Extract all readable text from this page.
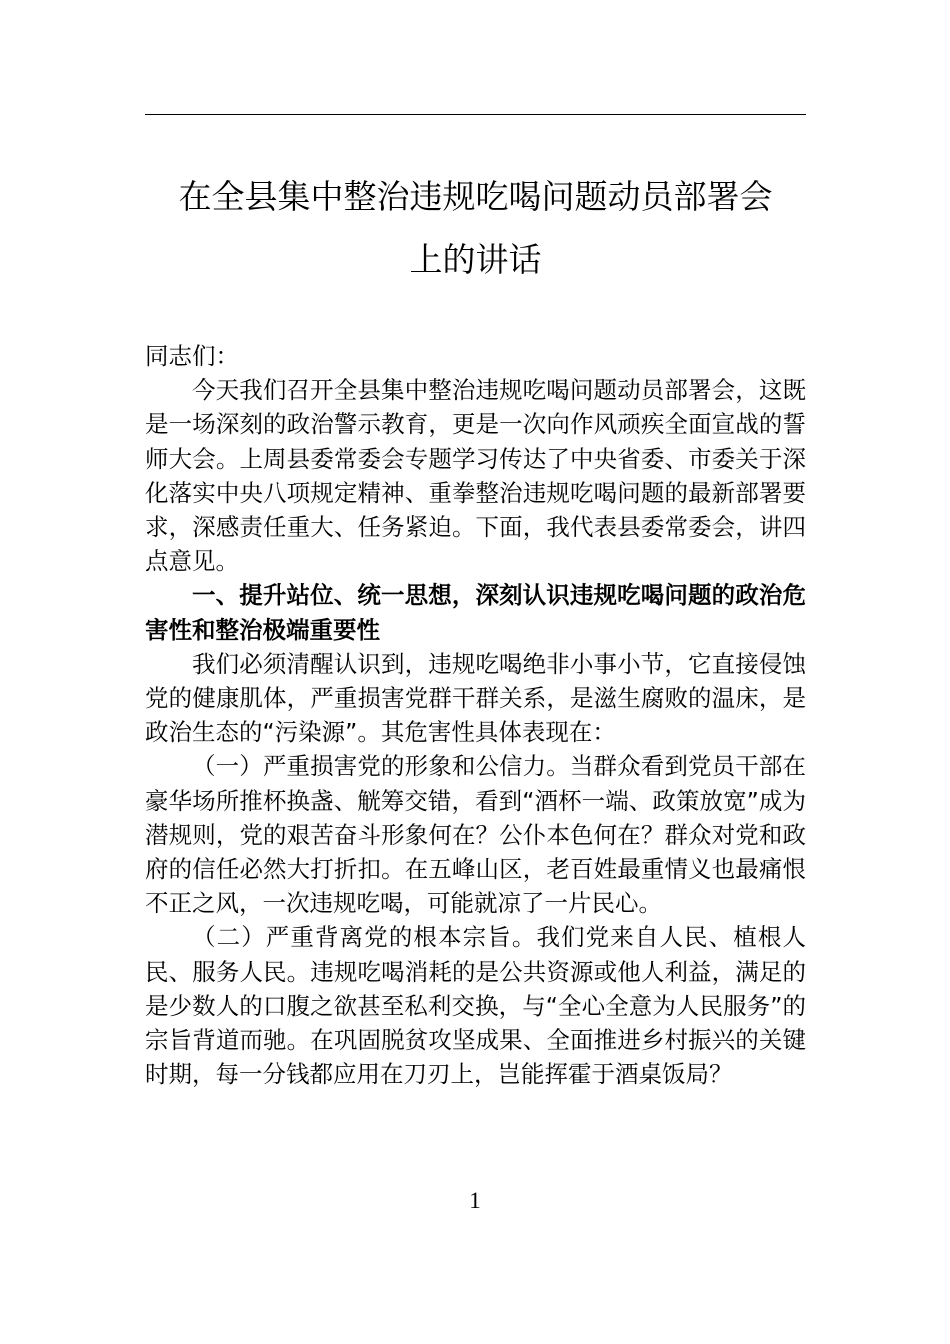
在全县集中整治违规吃喝问题动员部署会
上的讲话

同志们：

今天我们召开全县集中整治违规吃喝问题动员部署会，这既是一场深刻的政治警示教育，更是一次向作风顽疾全面宣战的誓师大会。上周县委常委会专题学习传达了中央省委、市委关于深化落实中央八项规定精神、重拳整治违规吃喝问题的最新部署要求，深感责任重大、任务紧迫。下面，我代表县委常委会，讲四点意见。

一、提升站位、统一思想，深刻认识违规吃喝问题的政治危害性和整治极端重要性

我们必须清醒认识到，违规吃喝绝非小事小节，它直接侵蚀党的健康肌体，严重损害党群干群关系，是滋生腐败的温床，是政治生态的“污染源”。其危害性具体表现在：

（一）严重损害党的形象和公信力。当群众看到党员干部在豪华场所推杯换盏、觥筹交错，看到“酒杯一端、政策放宽”成为潜规则，党的艰苦奋斗形象何在？公仆本色何在？群众对党和政府的信任必然大打折扣。在五峰山区，老百姓最重情义也最痛恨不正之风，一次违规吃喝，可能就凉了一片民心。

（二）严重背离党的根本宗旨。我们党来自人民、植根人民、服务人民。违规吃喝消耗的是公共资源或他人利益，满足的是少数人的口腹之欲甚至私利交换，与“全心全意为人民服务”的宗旨背道而驰。在巩固脱贫攻坚成果、全面推进乡村振兴的关键时期，每一分钱都应用在刀刃上，岂能挥霍于酒桌饭局？

1
